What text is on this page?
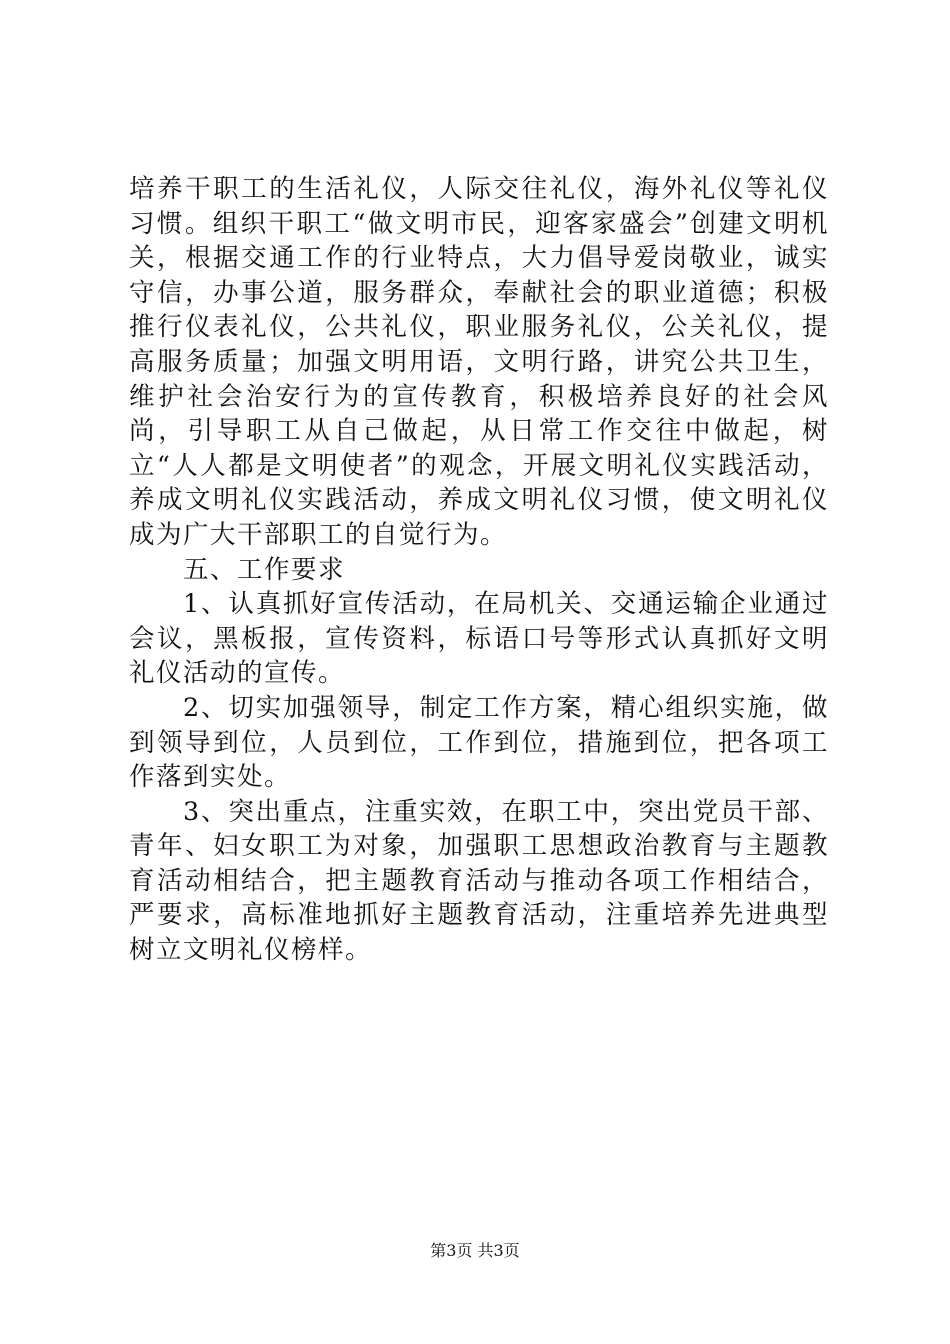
培养干职工的生活礼仪，人际交往礼仪，海外礼仪等礼仪习惯。组织干职工“做文明市民，迎客家盛会”创建文明机关，根据交通工作的行业特点，大力倡导爱岗敬业，诚实守信，办事公道，服务群众，奉献社会的职业道德；积极推行仪表礼仪，公共礼仪，职业服务礼仪，公关礼仪，提高服务质量；加强文明用语，文明行路，讲究公共卫生，维护社会治安行为的宣传教育，积极培养良好的社会风尚，引导职工从自己做起，从日常工作交往中做起，树立“人人都是文明使者”的观念，开展文明礼仪实践活动，养成文明礼仪实践活动，养成文明礼仪习惯，使文明礼仪成为广大干部职工的自觉行为。

五、工作要求

1、认真抓好宣传活动，在局机关、交通运输企业通过会议，黑板报，宣传资料，标语口号等形式认真抓好文明礼仪活动的宣传。

2、切实加强领导，制定工作方案，精心组织实施，做到领导到位，人员到位，工作到位，措施到位，把各项工作落到实处。

3、突出重点，注重实效，在职工中，突出党员干部、青年、妇女职工为对象，加强职工思想政治教育与主题教育活动相结合，把主题教育活动与推动各项工作相结合，严要求，高标准地抓好主题教育活动，注重培养先进典型树立文明礼仪榜样。

第3页 共3页
